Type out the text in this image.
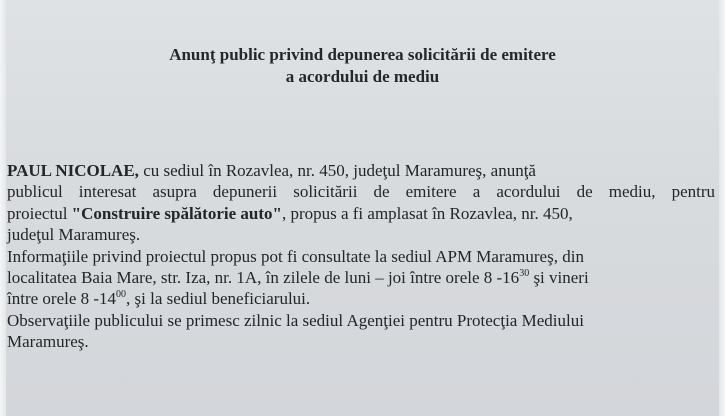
Anunţ public privind depunerea solicitării de emitere
a acordului de mediu
PAUL NICOLAE, cu sediul în Rozavlea, nr. 450, judeţul Maramureş, anunţă
publicul interesat asupra depunerii solicitării de emitere a acordului de mediu, pentru
proiectul "Construire spălătorie auto", propus a fi amplasat în Rozavlea, nr. 450,
judeţul Maramureş.
Informaţiile privind proiectul propus pot fi consultate la sediul APM Maramureş, din
localitatea Baia Mare, str. Iza, nr. 1A, în zilele de luni – joi între orele 8 $-16^{30}$ şi vineri
între orele 8 $-14^{00}$, şi la sediul beneficiarului.
Observaţiile publicului se primesc zilnic la sediul Agenţiei pentru Protecţia Mediului
Maramureş.
